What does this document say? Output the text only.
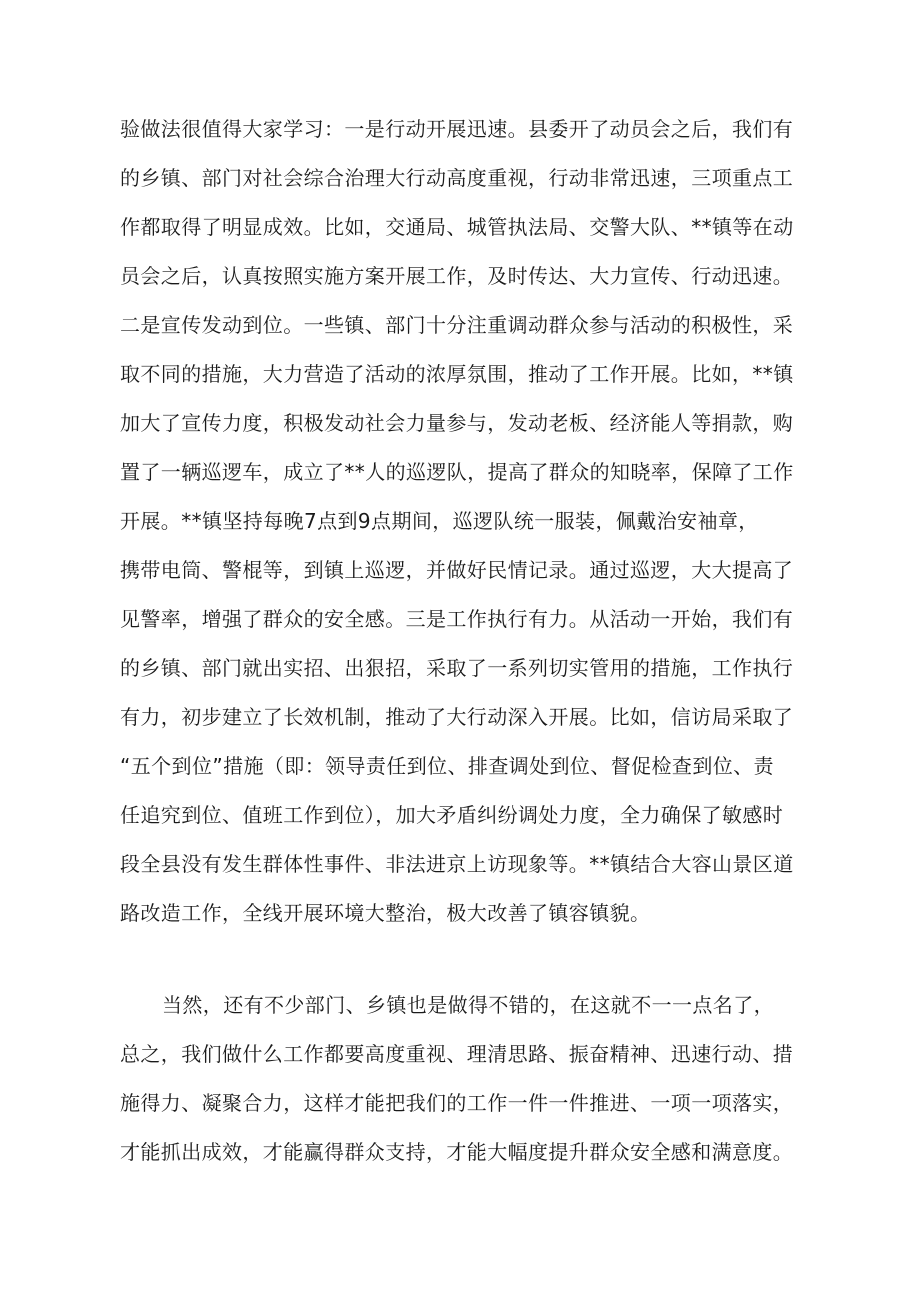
验做法很值得大家学习：一是行动开展迅速。县委开了动员会之后，我们有
的乡镇、部门对社会综合治理大行动高度重视，行动非常迅速，三项重点工
作都取得了明显成效。比如，交通局、城管执法局、交警大队、**镇等在动
员会之后，认真按照实施方案开展工作，及时传达、大力宣传、行动迅速。
二是宣传发动到位。一些镇、部门十分注重调动群众参与活动的积极性，采
取不同的措施，大力营造了活动的浓厚氛围，推动了工作开展。比如，**镇
加大了宣传力度，积极发动社会力量参与，发动老板、经济能人等捐款，购
置了一辆巡逻车，成立了**人的巡逻队，提高了群众的知晓率，保障了工作
开展。**镇坚持每晚7点到9点期间，巡逻队统一服装，佩戴治安袖章，
携带电筒、警棍等，到镇上巡逻，并做好民情记录。通过巡逻，大大提高了
见警率，增强了群众的安全感。三是工作执行有力。从活动一开始，我们有
的乡镇、部门就出实招、出狠招，采取了一系列切实管用的措施，工作执行
有力，初步建立了长效机制，推动了大行动深入开展。比如，信访局采取了
“五个到位”措施（即：领导责任到位、排查调处到位、督促检查到位、责
任追究到位、值班工作到位），加大矛盾纠纷调处力度，全力确保了敏感时
段全县没有发生群体性事件、非法进京上访现象等。**镇结合大容山景区道
路改造工作，全线开展环境大整治，极大改善了镇容镇貌。
当然，还有不少部门、乡镇也是做得不错的，在这就不一一点名了，
总之，我们做什么工作都要高度重视、理清思路、振奋精神、迅速行动、措
施得力、凝聚合力，这样才能把我们的工作一件一件推进、一项一项落实，
才能抓出成效，才能赢得群众支持，才能大幅度提升群众安全感和满意度。
